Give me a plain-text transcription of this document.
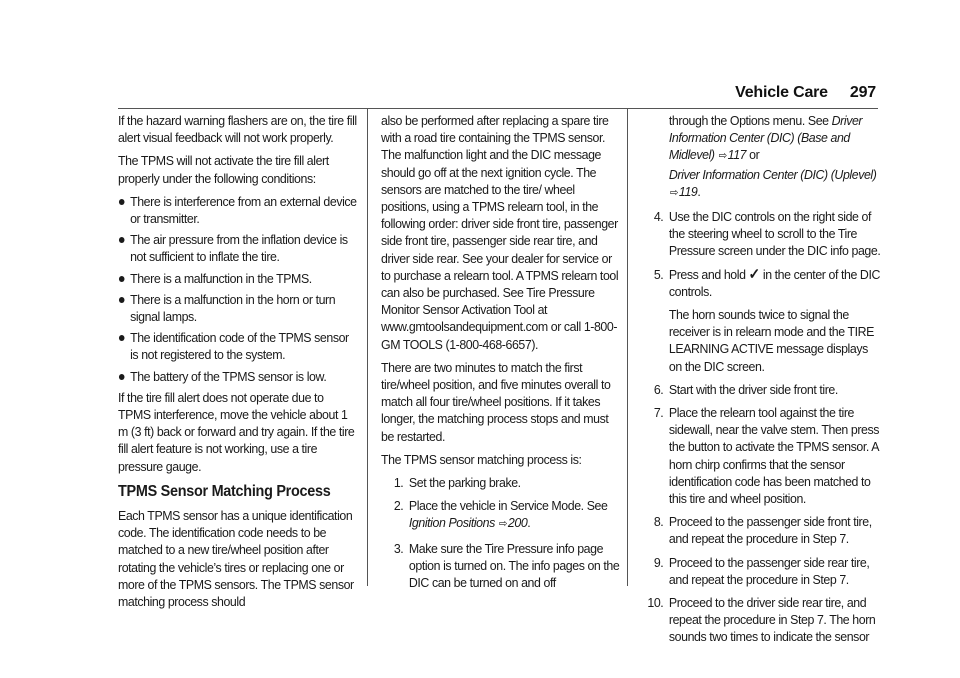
Vehicle Care 297

If the hazard warning flashers are on, the tire fill alert visual feedback will not work properly.

The TPMS will not activate the tire fill alert properly under the following conditions:

There is interference from an external device or transmitter.
The air pressure from the inflation device is not sufficient to inflate the tire.
There is a malfunction in the TPMS.
There is a malfunction in the horn or turn signal lamps.
The identification code of the TPMS sensor is not registered to the system.
The battery of the TPMS sensor is low.

If the tire fill alert does not operate due to TPMS interference, move the vehicle about 1 m (3 ft) back or forward and try again. If the tire fill alert feature is not working, use a tire pressure gauge.

TPMS Sensor Matching Process

Each TPMS sensor has a unique identification code. The identification code needs to be matched to a new tire/wheel position after rotating the vehicle’s tires or replacing one or more of the TPMS sensors. The TPMS sensor matching process should

also be performed after replacing a spare tire with a road tire containing the TPMS sensor. The malfunction light and the DIC message should go off at the next ignition cycle. The sensors are matched to the tire/ wheel positions, using a TPMS relearn tool, in the following order: driver side front tire, passenger side front tire, passenger side rear tire, and driver side rear. See your dealer for service or to purchase a relearn tool. A TPMS relearn tool can also be purchased. See Tire Pressure Monitor Sensor Activation Tool at www.gmtoolsandequipment.com or call 1-800-GM TOOLS (1-800-468-6657).

There are two minutes to match the first tire/wheel position, and five minutes overall to match all four tire/wheel positions. If it takes longer, the matching process stops and must be restarted.

The TPMS sensor matching process is:

1. Set the parking brake.
2. Place the vehicle in Service Mode. See Ignition Positions ⇨200.
3. Make sure the Tire Pressure info page option is turned on. The info pages on the DIC can be turned on and off
through the Options menu. See Driver Information Center (DIC) (Base and Midlevel) ⇨117 or
Driver Information Center (DIC) (Uplevel)
⇨119.
4. Use the DIC controls on the right side of the steering wheel to scroll to the Tire Pressure screen under the DIC info page.
5. Press and hold ✓ in the center of the DIC controls.
The horn sounds twice to signal the receiver is in relearn mode and the TIRE LEARNING ACTIVE message displays on the DIC screen.
6. Start with the driver side front tire.
7. Place the relearn tool against the tire sidewall, near the valve stem. Then press the button to activate the TPMS sensor. A horn chirp confirms that the sensor identification code has been matched to this tire and wheel position.
8. Proceed to the passenger side front tire, and repeat the procedure in Step 7.
9. Proceed to the passenger side rear tire, and repeat the procedure in Step 7.
10. Proceed to the driver side rear tire, and repeat the procedure in Step 7. The horn sounds two times to indicate the sensor
